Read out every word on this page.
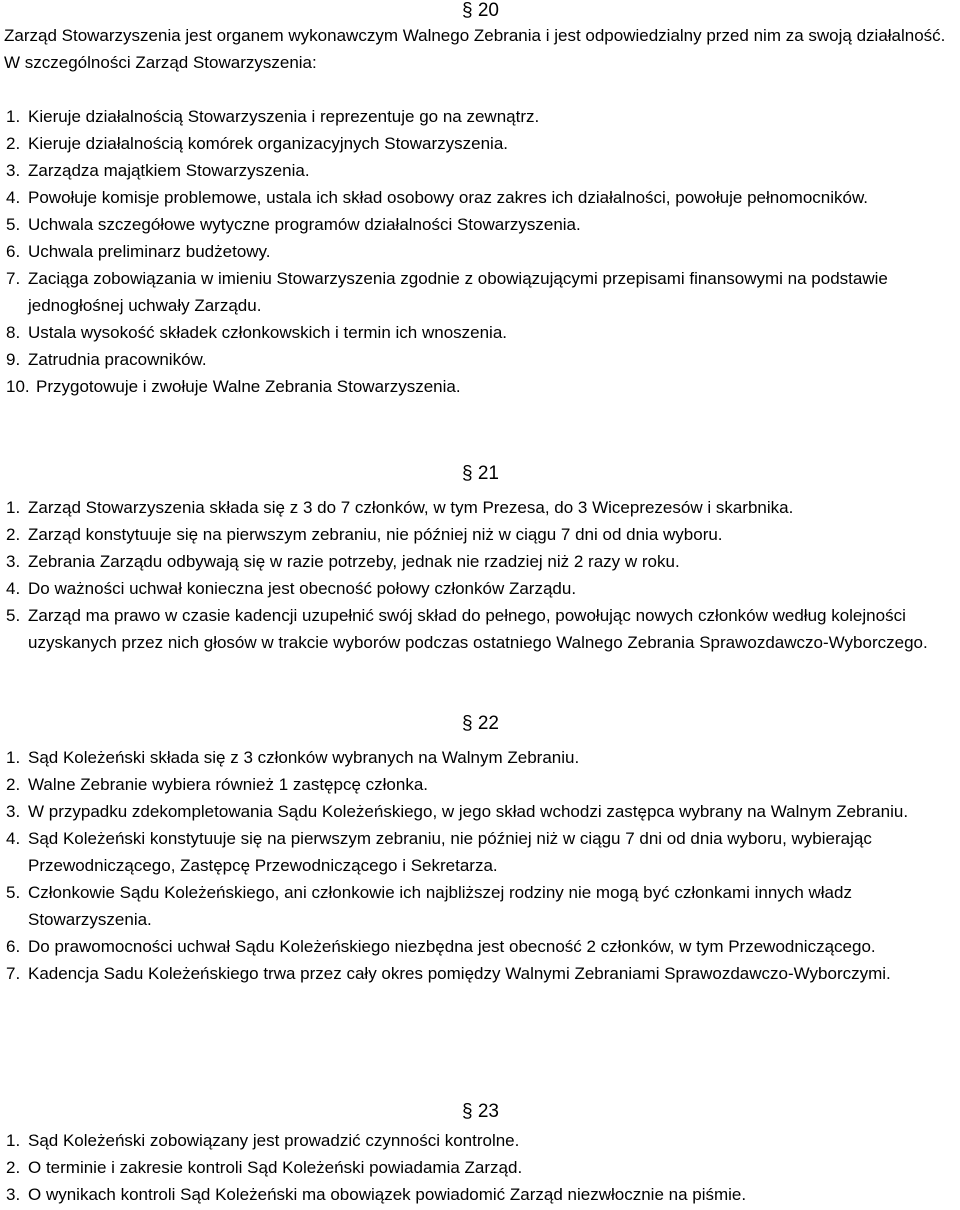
§ 20
Zarząd Stowarzyszenia jest organem wykonawczym Walnego Zebrania i jest odpowiedzialny przed nim za swoją działalność. W szczególności Zarząd Stowarzyszenia:
1. Kieruje działalnością Stowarzyszenia i reprezentuje go na zewnątrz.
2. Kieruje działalnością komórek organizacyjnych Stowarzyszenia.
3. Zarządza majątkiem Stowarzyszenia.
4. Powołuje komisje problemowe, ustala ich skład osobowy oraz zakres ich działalności, powołuje pełnomocników.
5. Uchwala szczegółowe wytyczne programów działalności Stowarzyszenia.
6. Uchwala preliminarz budżetowy.
7. Zaciąga zobowiązania w imieniu Stowarzyszenia zgodnie z obowiązującymi przepisami finansowymi na podstawie jednogłośnej uchwały Zarządu.
8. Ustala wysokość składek członkowskich i termin ich wnoszenia.
9. Zatrudnia pracowników.
10. Przygotowuje i zwołuje Walne Zebrania Stowarzyszenia.
§ 21
1. Zarząd Stowarzyszenia składa się z 3 do 7 członków, w tym Prezesa, do 3 Wiceprezesów i skarbnika.
2. Zarząd konstytuuje się na pierwszym zebraniu, nie później niż w ciągu 7 dni od dnia wyboru.
3. Zebrania Zarządu odbywają się w razie potrzeby, jednak nie rzadziej niż 2 razy w roku.
4. Do ważności uchwał konieczna jest obecność połowy członków Zarządu.
5. Zarząd ma prawo w czasie kadencji uzupełnić swój skład do pełnego, powołując nowych członków według kolejności uzyskanych przez nich głosów w trakcie wyborów podczas ostatniego Walnego Zebrania Sprawozdawczo-Wyborczego.
§ 22
1. Sąd Koleżeński składa się z 3 członków wybranych na Walnym Zebraniu.
2. Walne Zebranie wybiera również 1 zastępcę członka.
3. W przypadku zdekompletowania Sądu Koleżeńskiego, w jego skład wchodzi zastępca wybrany na Walnym Zebraniu.
4. Sąd Koleżeński konstytuuje się na pierwszym zebraniu, nie później niż w ciągu 7 dni od dnia wyboru, wybierając Przewodniczącego, Zastępcę Przewodniczącego i Sekretarza.
5. Członkowie Sądu Koleżeńskiego, ani członkowie ich najbliższej rodziny nie mogą być członkami innych władz Stowarzyszenia.
6. Do prawomocności uchwał Sądu Koleżeńskiego niezbędna jest obecność 2 członków, w tym Przewodniczącego.
7. Kadencja Sadu Koleżeńskiego trwa przez cały okres pomiędzy Walnymi Zebraniami Sprawozdawczo-Wyborczymi.
§ 23
1. Sąd Koleżeński zobowiązany jest prowadzić czynności kontrolne.
2. O terminie i zakresie kontroli Sąd Koleżeński powiadamia Zarząd.
3. O wynikach kontroli Sąd Koleżeński ma obowiązek powiadomić Zarząd niezwłocznie na piśmie.
